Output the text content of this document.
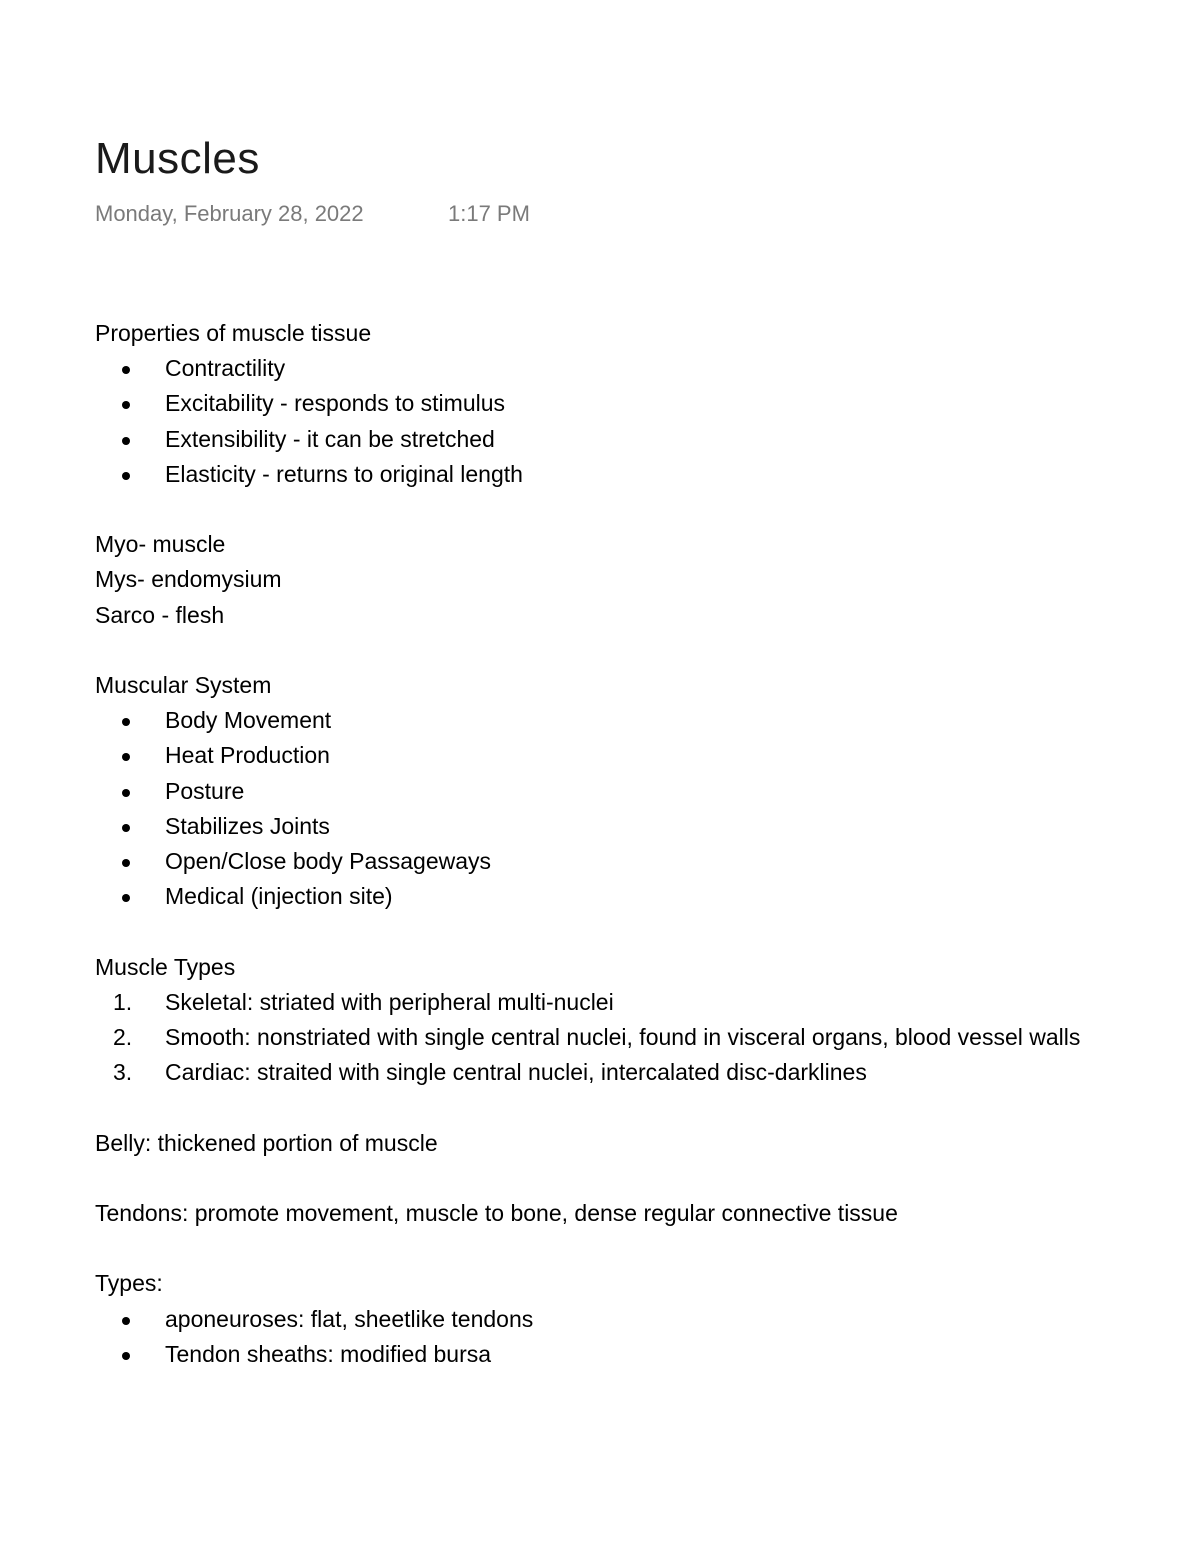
Muscles
Monday, February 28, 2022	1:17 PM

Properties of muscle tissue

Contractility
Excitability - responds to stimulus
Extensibility - it can be stretched
Elasticity - returns to original length

Myo- muscle

Mys- endomysium

Sarco - flesh

Muscular System

Body Movement
Heat Production
Posture
Stabilizes Joints
Open/Close body Passageways
Medical (injection site)

Muscle Types

1. Skeletal: striated with peripheral multi-nuclei
2. Smooth: nonstriated with single central nuclei, found in visceral organs, blood vessel walls
3. Cardiac: straited with single central nuclei, intercalated disc-darklines

Belly: thickened portion of muscle

Tendons: promote movement, muscle to bone, dense regular connective tissue

Types:

aponeuroses: flat, sheetlike tendons
Tendon sheaths: modified bursa
